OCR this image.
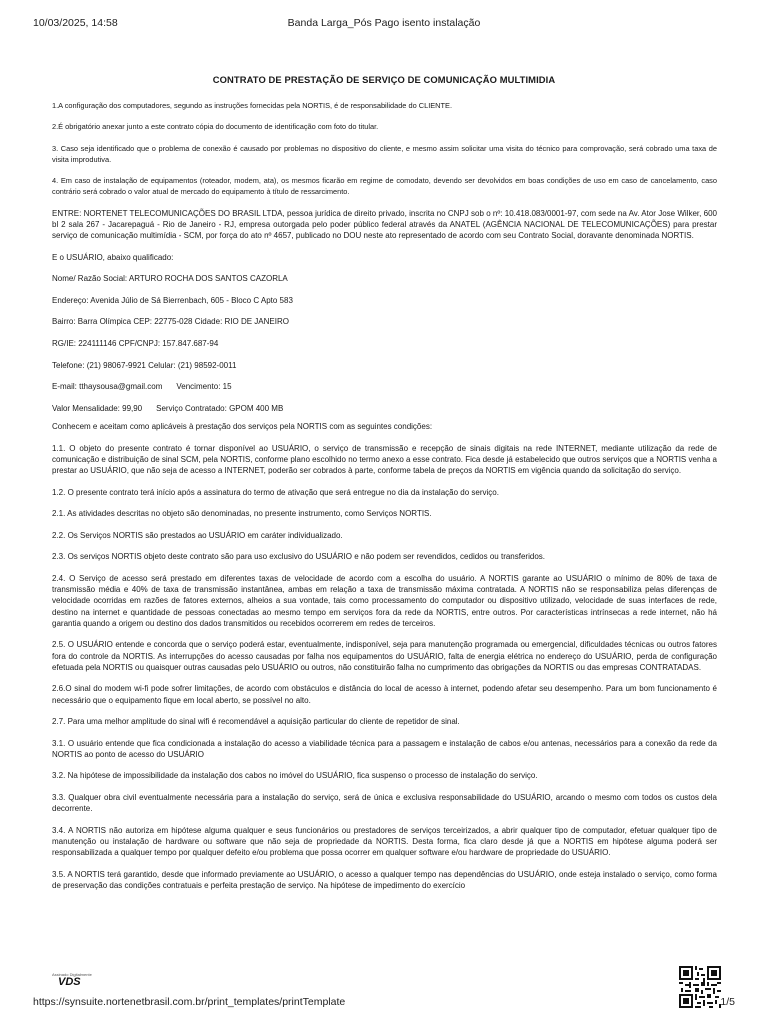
10/03/2025, 14:58	Banda Larga_Pós Pago isento instalação
CONTRATO DE PRESTAÇÃO DE SERVIÇO DE COMUNICAÇÃO MULTIMIDIA

1.A configuração dos computadores, segundo as instruções fornecidas pela NORTIS, é de responsabilidade do CLIENTE.

2.É obrigatório anexar junto a este contrato cópia do documento de identificação com foto do titular.

3. Caso seja identificado que o problema de conexão é causado por problemas no dispositivo do cliente, e mesmo assim solicitar uma visita do técnico para comprovação, será cobrado uma taxa de visita improdutiva.

4. Em caso de instalação de equipamentos (roteador, modem, ata), os mesmos ficarão em regime de comodato, devendo ser devolvidos em boas condições de uso em caso de cancelamento, caso contrário será cobrado o valor atual de mercado do equipamento à título de ressarcimento.

ENTRE: NORTENET TELECOMUNICAÇÕES DO BRASIL LTDA, pessoa jurídica de direito privado, inscrita no CNPJ sob o nº: 10.418.083/0001-97, com sede na Av. Ator Jose Wilker, 600 bl 2 sala 267 - Jacarepaguá - Rio de Janeiro - RJ, empresa outorgada pelo poder público federal através da ANATEL (AGÊNCIA NACIONAL DE TELECOMUNICAÇÕES) para prestar serviço de comunicação multimídia - SCM, por força do ato nº 4657, publicado no DOU neste ato representado de acordo com seu Contrato Social, doravante denominada NORTIS.

E o USUÁRIO, abaixo qualificado:

Nome/ Razão Social: ARTURO ROCHA DOS SANTOS CAZORLA

Endereço: Avenida Júlio de Sá Bierrenbach, 605 - Bloco C Apto 583

Bairro: Barra Olímpica CEP: 22775-028 Cidade: RIO DE JANEIRO

RG/IE: 224111146 CPF/CNPJ: 157.847.687-94

Telefone: (21) 98067-9921 Celular: (21) 98592-0011

E-mail: tthaysousa@gmail.com Vencimento: 15

Valor Mensalidade: 99,90 Serviço Contratado: GPOM 400 MB

Conhecem e aceitam como aplicáveis à prestação dos serviços pela NORTIS com as seguintes condições:

1.1. O objeto do presente contrato é tornar disponível ao USUÁRIO, o serviço de transmissão e recepção de sinais digitais na rede INTERNET, mediante utilização da rede de comunicação e distribuição de sinal SCM, pela NORTIS, conforme plano escolhido no termo anexo a esse contrato. Fica desde já estabelecido que outros serviços que a NORTIS venha a prestar ao USUÁRIO, que não seja de acesso a INTERNET, poderão ser cobrados à parte, conforme tabela de preços da NORTIS em vigência quando da solicitação do serviço.

1.2. O presente contrato terá início após a assinatura do termo de ativação que será entregue no dia da instalação do serviço.

2.1. As atividades descritas no objeto são denominadas, no presente instrumento, como Serviços NORTIS.

2.2. Os Serviços NORTIS são prestados ao USUÁRIO em caráter individualizado.

2.3. Os serviços NORTIS objeto deste contrato são para uso exclusivo do USUÁRIO e não podem ser revendidos, cedidos ou transferidos.

2.4. O Serviço de acesso será prestado em diferentes taxas de velocidade de acordo com a escolha do usuário. A NORTIS garante ao USUÁRIO o mínimo de 80% de taxa de transmissão média e 40% de taxa de transmissão instantânea, ambas em relação a taxa de transmissão máxima contratada. A NORTIS não se responsabiliza pelas diferenças de velocidade ocorridas em razões de fatores externos, alheios a sua vontade, tais como processamento do computador ou dispositivo utilizado, velocidade de suas interfaces de rede, destino na internet e quantidade de pessoas conectadas ao mesmo tempo em serviços fora da rede da NORTIS, entre outros. Por características intrínsecas a rede internet, não há garantia quando a origem ou destino dos dados transmitidos ou recebidos ocorrerem em redes de terceiros.

2.5. O USUÁRIO entende e concorda que o serviço poderá estar, eventualmente, indisponível, seja para manutenção programada ou emergencial, dificuldades técnicas ou outros fatores fora do controle da NORTIS. As interrupções do acesso causadas por falha nos equipamentos do USUÁRIO, falta de energia elétrica no endereço do USUÁRIO, perda de configuração efetuada pela NORTIS ou quaisquer outras causadas pelo USUÁRIO ou outros, não constituirão falha no cumprimento das obrigações da NORTIS ou das empresas CONTRATADAS.

2.6.O sinal do modem wi-fi pode sofrer limitações, de acordo com obstáculos e distância do local de acesso à internet, podendo afetar seu desempenho. Para um bom funcionamento é necessário que o equipamento fique em local aberto, se possível no alto.

2.7. Para uma melhor amplitude do sinal wifi é recomendável a aquisição particular do cliente de repetidor de sinal.

3.1. O usuário entende que fica condicionada a instalação do acesso a viabilidade técnica para a passagem e instalação de cabos e/ou antenas, necessários para a conexão da rede da NORTIS ao ponto de acesso do USUÁRIO

3.2. Na hipótese de impossibilidade da instalação dos cabos no imóvel do USUÁRIO, fica suspenso o processo de instalação do serviço.

3.3. Qualquer obra civil eventualmente necessária para a instalação do serviço, será de única e exclusiva responsabilidade do USUÁRIO, arcando o mesmo com todos os custos dela decorrente.

3.4. A NORTIS não autoriza em hipótese alguma qualquer e seus funcionários ou prestadores de serviços terceirizados, a abrir qualquer tipo de computador, efetuar qualquer tipo de manutenção ou instalação de hardware ou software que não seja de propriedade da NORTIS. Desta forma, fica claro desde já que a NORTIS em hipótese alguma poderá ser responsabilizada a qualquer tempo por qualquer defeito e/ou problema que possa ocorrer em qualquer software e/ou hardware de propriedade do USUÁRIO.

3.5. A NORTIS terá garantido, desde que informado previamente ao USUÁRIO, o acesso a qualquer tempo nas dependências do USUÁRIO, onde esteja instalado o serviço, como forma de preservação das condições contratuais e perfeita prestação de serviço. Na hipótese de impedimento do exercício

Assinado Digitalmente
VDS
https://synsuite.nortenetbrasil.com.br/print_templates/printTemplate	1/5
